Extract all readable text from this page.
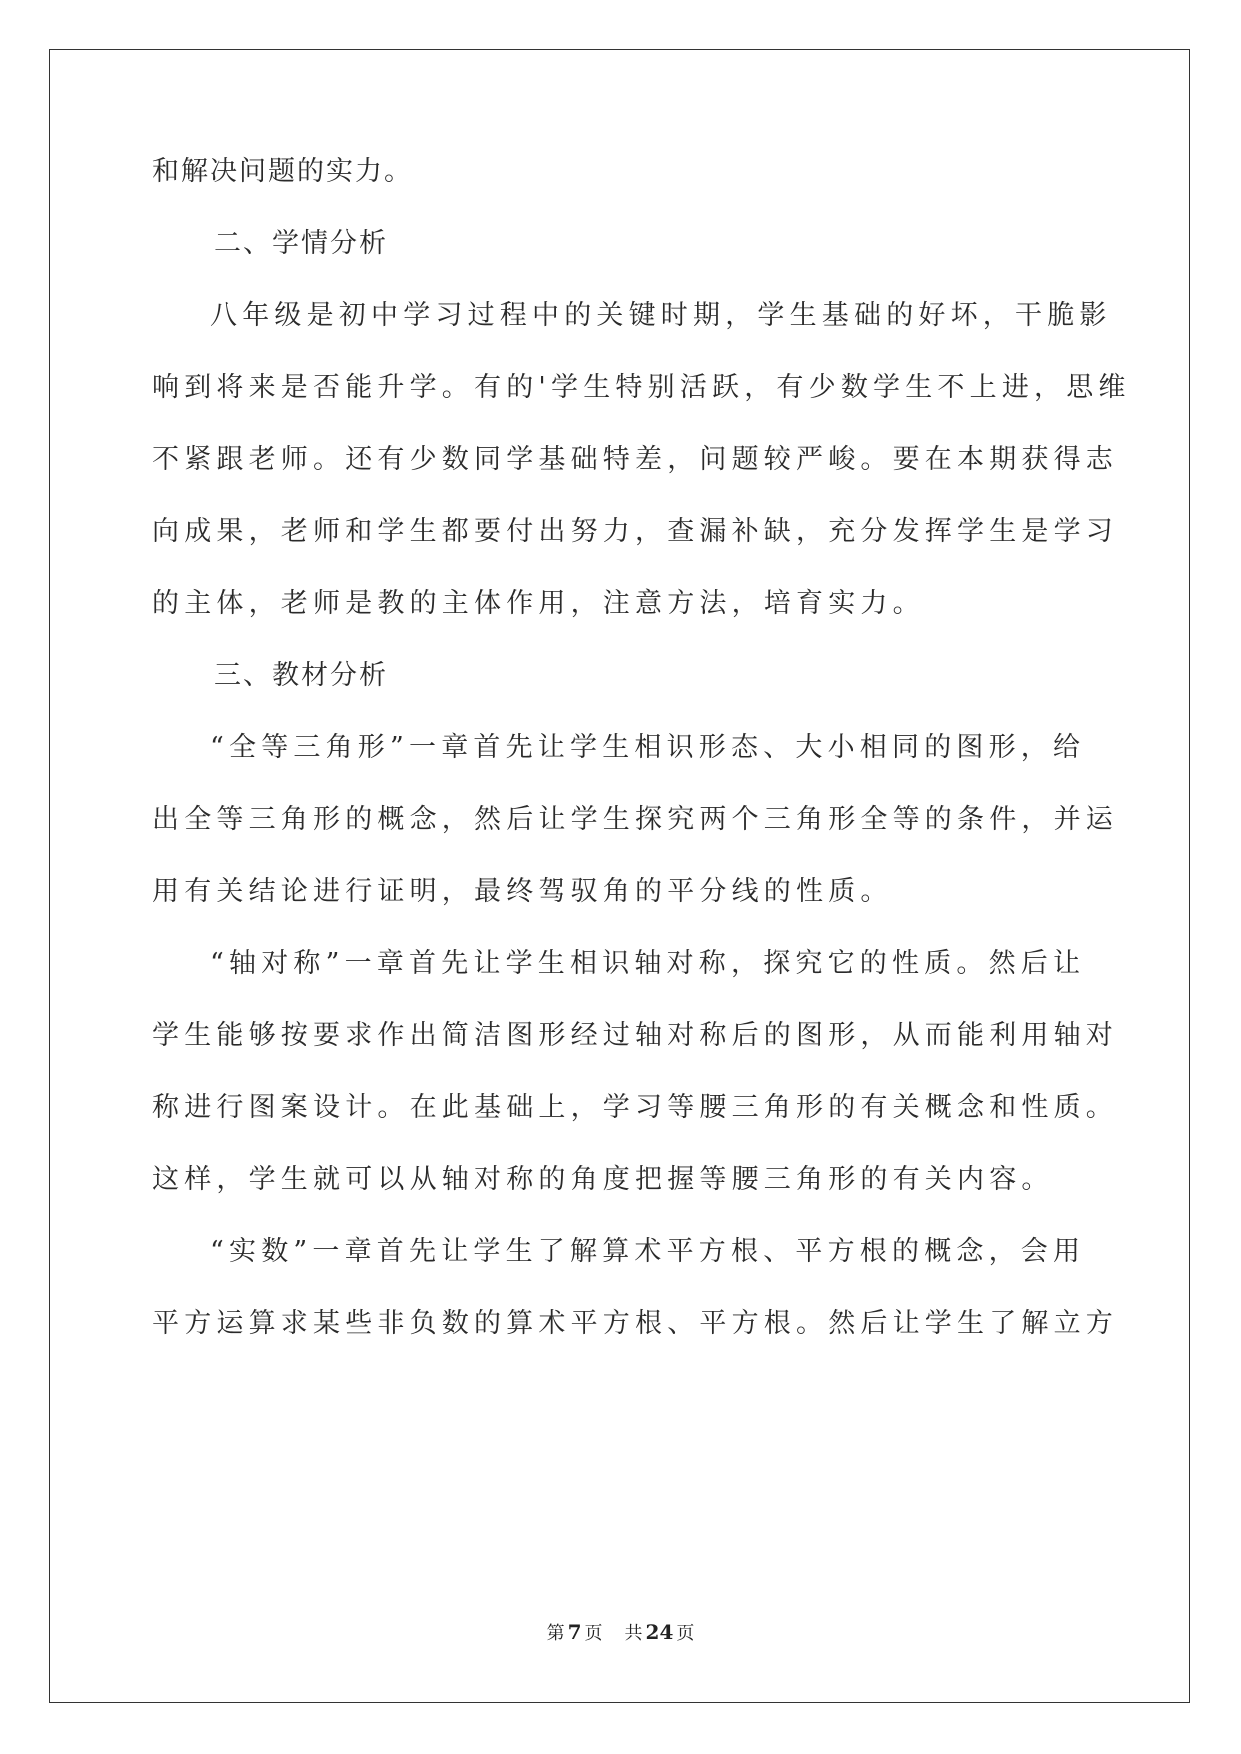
和解决问题的实力。
二、学情分析
八年级是初中学习过程中的关键时期，学生基础的好坏，干脆影
响到将来是否能升学。有的'学生特别活跃，有少数学生不上进，思维
不紧跟老师。还有少数同学基础特差，问题较严峻。要在本期获得志
向成果，老师和学生都要付出努力，查漏补缺，充分发挥学生是学习
的主体，老师是教的主体作用，注意方法，培育实力。
三、教材分析
“全等三角形”一章首先让学生相识形态、大小相同的图形，给
出全等三角形的概念，然后让学生探究两个三角形全等的条件，并运
用有关结论进行证明，最终驾驭角的平分线的性质。
“轴对称”一章首先让学生相识轴对称，探究它的性质。然后让
学生能够按要求作出简洁图形经过轴对称后的图形，从而能利用轴对
称进行图案设计。在此基础上，学习等腰三角形的有关概念和性质。
这样，学生就可以从轴对称的角度把握等腰三角形的有关内容。
“实数”一章首先让学生了解算术平方根、平方根的概念，会用
平方运算求某些非负数的算术平方根、平方根。然后让学生了解立方
第 7 页 共 24 页
